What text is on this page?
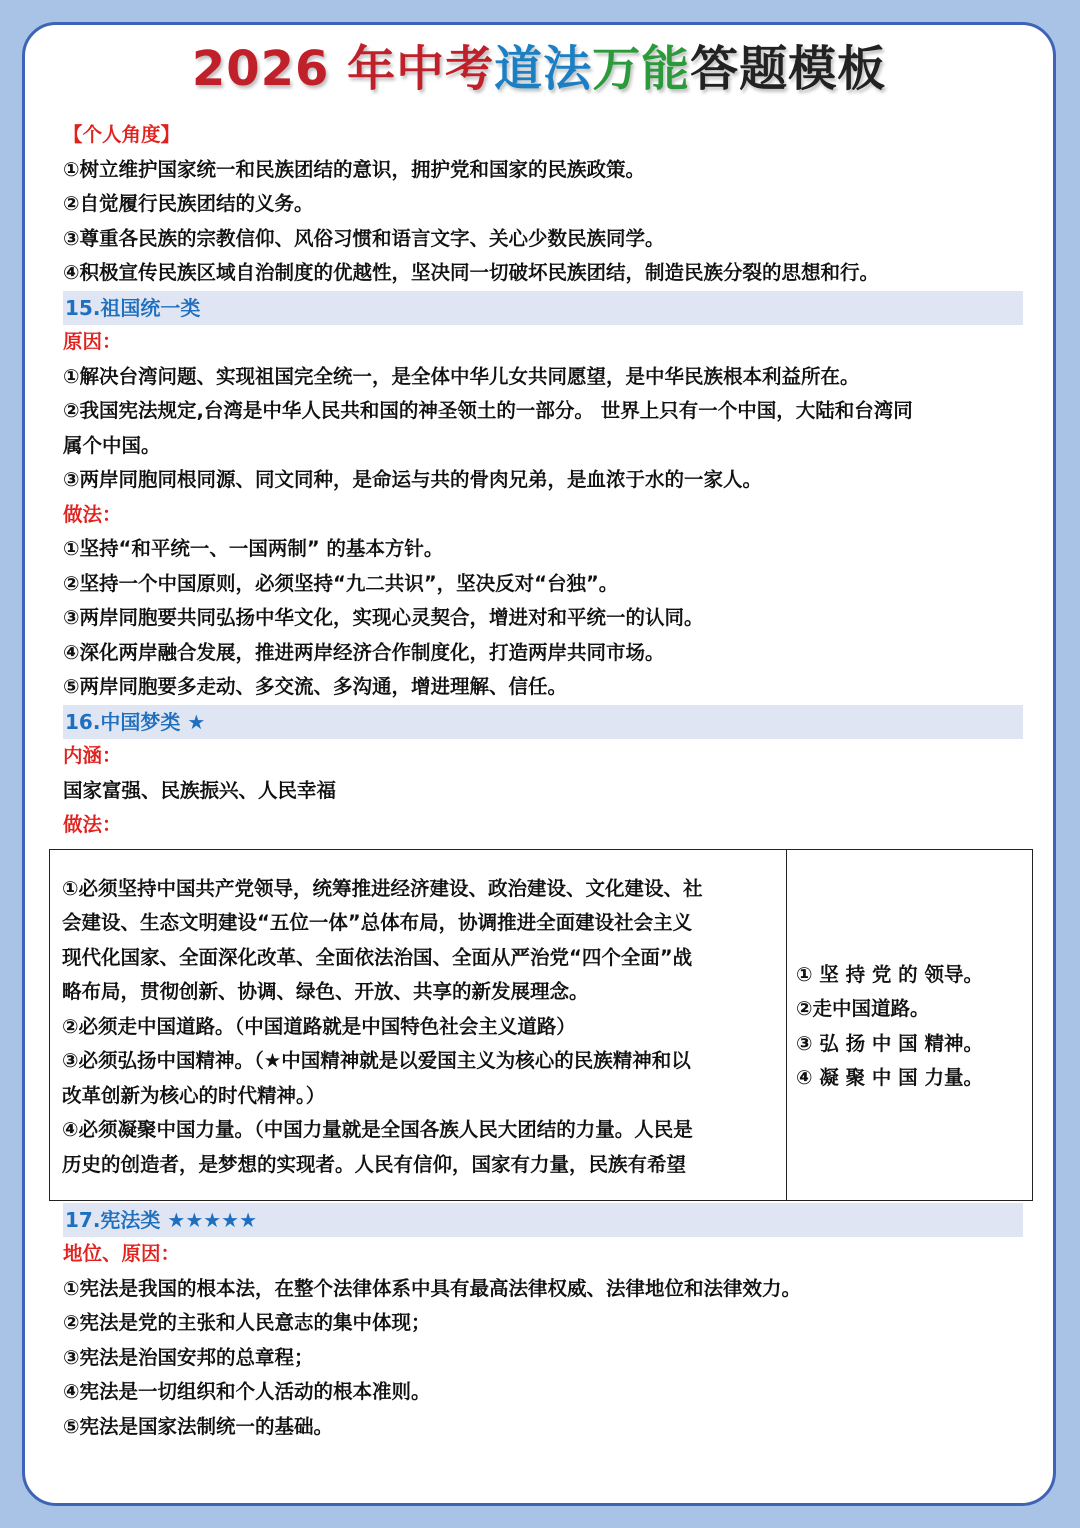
2026 年中考道法万能答题模板
【个人角度】
①树立维护国家统一和民族团结的意识，拥护党和国家的民族政策。
②自觉履行民族团结的义务。
③尊重各民族的宗教信仰、风俗习惯和语言文字、关心少数民族同学。
④积极宣传民族区域自治制度的优越性，坚决同一切破坏民族团结，制造民族分裂的思想和行。
15.祖国统一类
原因：
①解决台湾问题、实现祖国完全统一，是全体中华儿女共同愿望，是中华民族根本利益所在。
②我国宪法规定,台湾是中华人民共和国的神圣领土的一部分。 世界上只有一个中国，大陆和台湾同
属个中国。
③两岸同胞同根同源、同文同种，是命运与共的骨肉兄弟，是血浓于水的一家人。
做法：
①坚持“和平统一、一国两制” 的基本方针。
②坚持一个中国原则，必须坚持“九二共识”，坚决反对“台独”。
③两岸同胞要共同弘扬中华文化，实现心灵契合，增进对和平统一的认同。
④深化两岸融合发展，推进两岸经济合作制度化，打造两岸共同市场。
⑤两岸同胞要多走动、多交流、多沟通，增进理解、信任。
16.中国梦类 ★
内涵：
国家富强、民族振兴、人民幸福
做法：
①必须坚持中国共产党领导，统筹推进经济建设、政治建设、文化建设、社
会建设、生态文明建设“五位一体”总体布局，协调推进全面建设社会主义
现代化国家、全面深化改革、全面依法治国、全面从严治党“四个全面”战
略布局，贯彻创新、协调、绿色、开放、共享的新发展理念。
②必须走中国道路。（中国道路就是中国特色社会主义道路）
③必须弘扬中国精神。（★中国精神就是以爱国主义为核心的民族精神和以
改革创新为核心的时代精神。）
④必须凝聚中国力量。（中国力量就是全国各族人民大团结的力量。人民是
历史的创造者，是梦想的实现者。人民有信仰，国家有力量，民族有希望
① 坚 持 党 的 领导。
②走中国道路。
③ 弘 扬 中 国 精神。
④ 凝 聚 中 国 力量。
17.宪法类 ★★★★★
地位、原因：
①宪法是我国的根本法，在整个法律体系中具有最高法律权威、法律地位和法律效力。
②宪法是党的主张和人民意志的集中体现；
③宪法是治国安邦的总章程；
④宪法是一切组织和个人活动的根本准则。
⑤宪法是国家法制统一的基础。
